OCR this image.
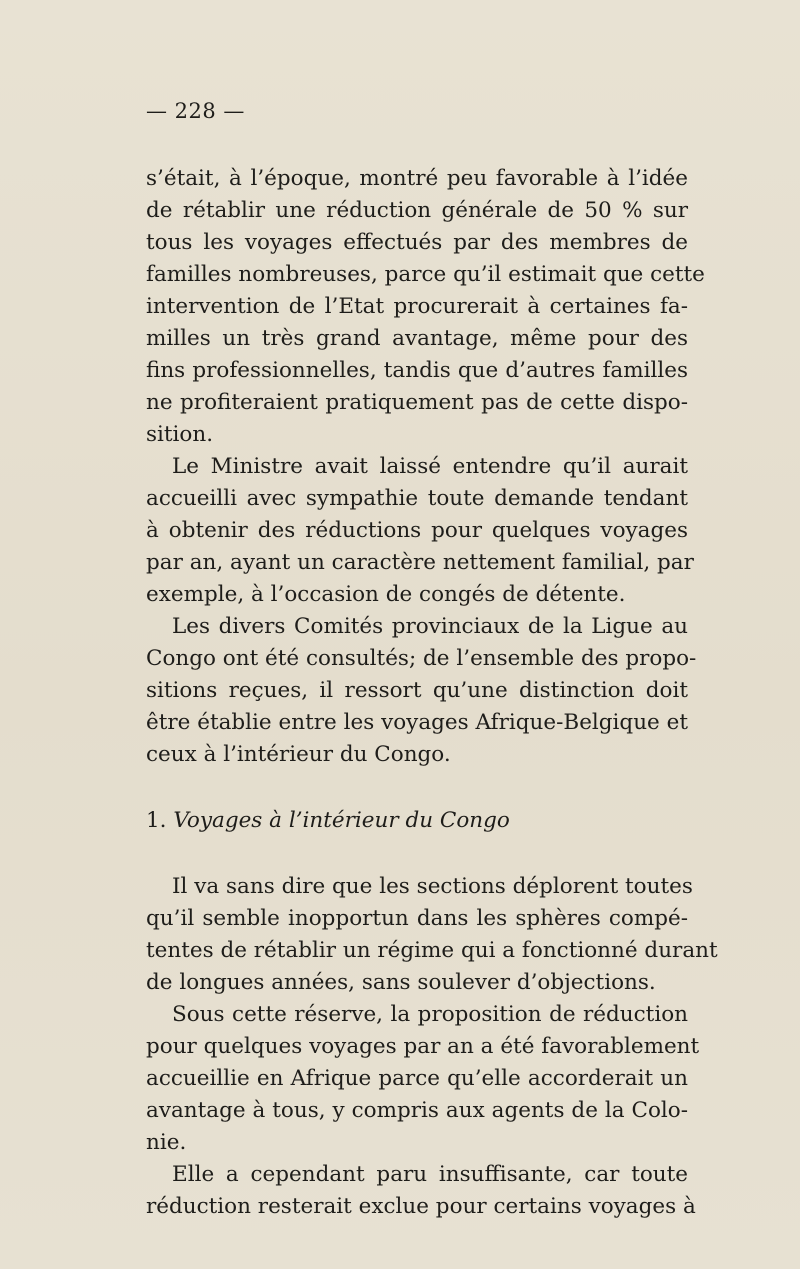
— 228 —
s’était, à l’époque, montré peu favorable à l’idée
de rétablir une réduction générale de 50 % sur
tous les voyages effectués par des membres de
familles nombreuses, parce qu’il estimait que cette
intervention de l’Etat procurerait à certaines fa-
milles un très grand avantage, même pour des
fins professionnelles, tandis que d’autres familles
ne profiteraient pratiquement pas de cette dispo-
sition.
Le Ministre avait laissé entendre qu’il aurait
accueilli avec sympathie toute demande tendant
à obtenir des réductions pour quelques voyages
par an, ayant un caractère nettement familial, par
exemple, à l’occasion de congés de détente.
Les divers Comités provinciaux de la Ligue au
Congo ont été consultés; de l’ensemble des propo-
sitions reçues, il ressort qu’une distinction doit
être établie entre les voyages Afrique-Belgique et
ceux à l’intérieur du Congo.
1. Voyages à l’intérieur du Congo
Il va sans dire que les sections déplorent toutes
qu’il semble inopportun dans les sphères compé-
tentes de rétablir un régime qui a fonctionné durant
de longues années, sans soulever d’objections.
Sous cette réserve, la proposition de réduction
pour quelques voyages par an a été favorablement
accueillie en Afrique parce qu’elle accorderait un
avantage à tous, y compris aux agents de la Colo-
nie.
Elle a cependant paru insuffisante, car toute
réduction resterait exclue pour certains voyages à
